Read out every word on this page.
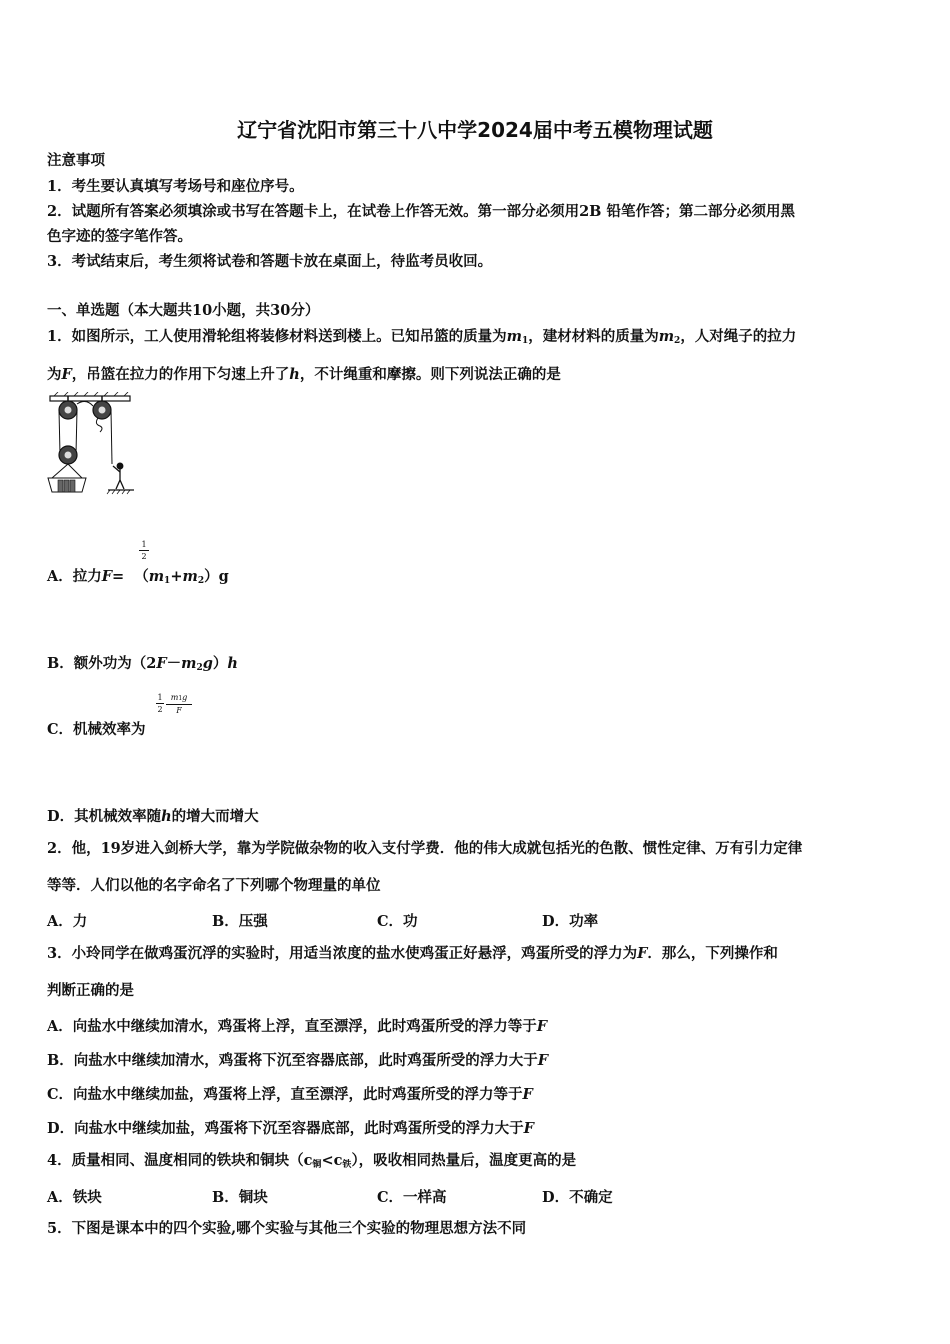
辽宁省沈阳市第三十八中学2024届中考五模物理试题
注意事项
1．考生要认真填写考场号和座位序号。
2．试题所有答案必须填涂或书写在答题卡上，在试卷上作答无效。第一部分必须用2B 铅笔作答；第二部分必须用黑
色字迹的签字笔作答。
3．考试结束后，考生须将试卷和答题卡放在桌面上，待监考员收回。
一、单选题（本大题共10小题，共30分）
1．如图所示，工人使用滑轮组将装修材料送到楼上。已知吊篮的质量为$m_1$，建材材料的质量为$m_2$，人对绳子的拉力
为F，吊篮在拉力的作用下匀速上升了h，不计绳重和摩擦。则下列说法正确的是
A．拉力$F= (m_1+m_2)g$
1
2
B．额外功为$(2F-m_2g)h$
C．机械效率为
1
2
m1g
F
D．其机械效率随h的增大而增大
2．他，19岁进入剑桥大学，靠为学院做杂物的收入支付学费．他的伟大成就包括光的色散、惯性定律、万有引力定律
等等．人们以他的名字命名了下列哪个物理量的单位
A．力	B．压强	C．功	D．功率
3．小玲同学在做鸡蛋沉浮的实验时，用适当浓度的盐水使鸡蛋正好悬浮，鸡蛋所受的浮力为F．那么，下列操作和
判断正确的是
A．向盐水中继续加清水，鸡蛋将上浮，直至漂浮，此时鸡蛋所受的浮力等于F
B．向盐水中继续加清水，鸡蛋将下沉至容器底部，此时鸡蛋所受的浮力大于F
C．向盐水中继续加盐，鸡蛋将上浮，直至漂浮，此时鸡蛋所受的浮力等于F
D．向盐水中继续加盐，鸡蛋将下沉至容器底部，此时鸡蛋所受的浮力大于F
4．质量相同、温度相同的铁块和铜块$(c_铜<c_铁)$，吸收相同热量后，温度更高的是
A．铁块	B．铜块	C．一样高	D．不确定
5．下图是课本中的四个实验,哪个实验与其他三个实验的物理思想方法不同
